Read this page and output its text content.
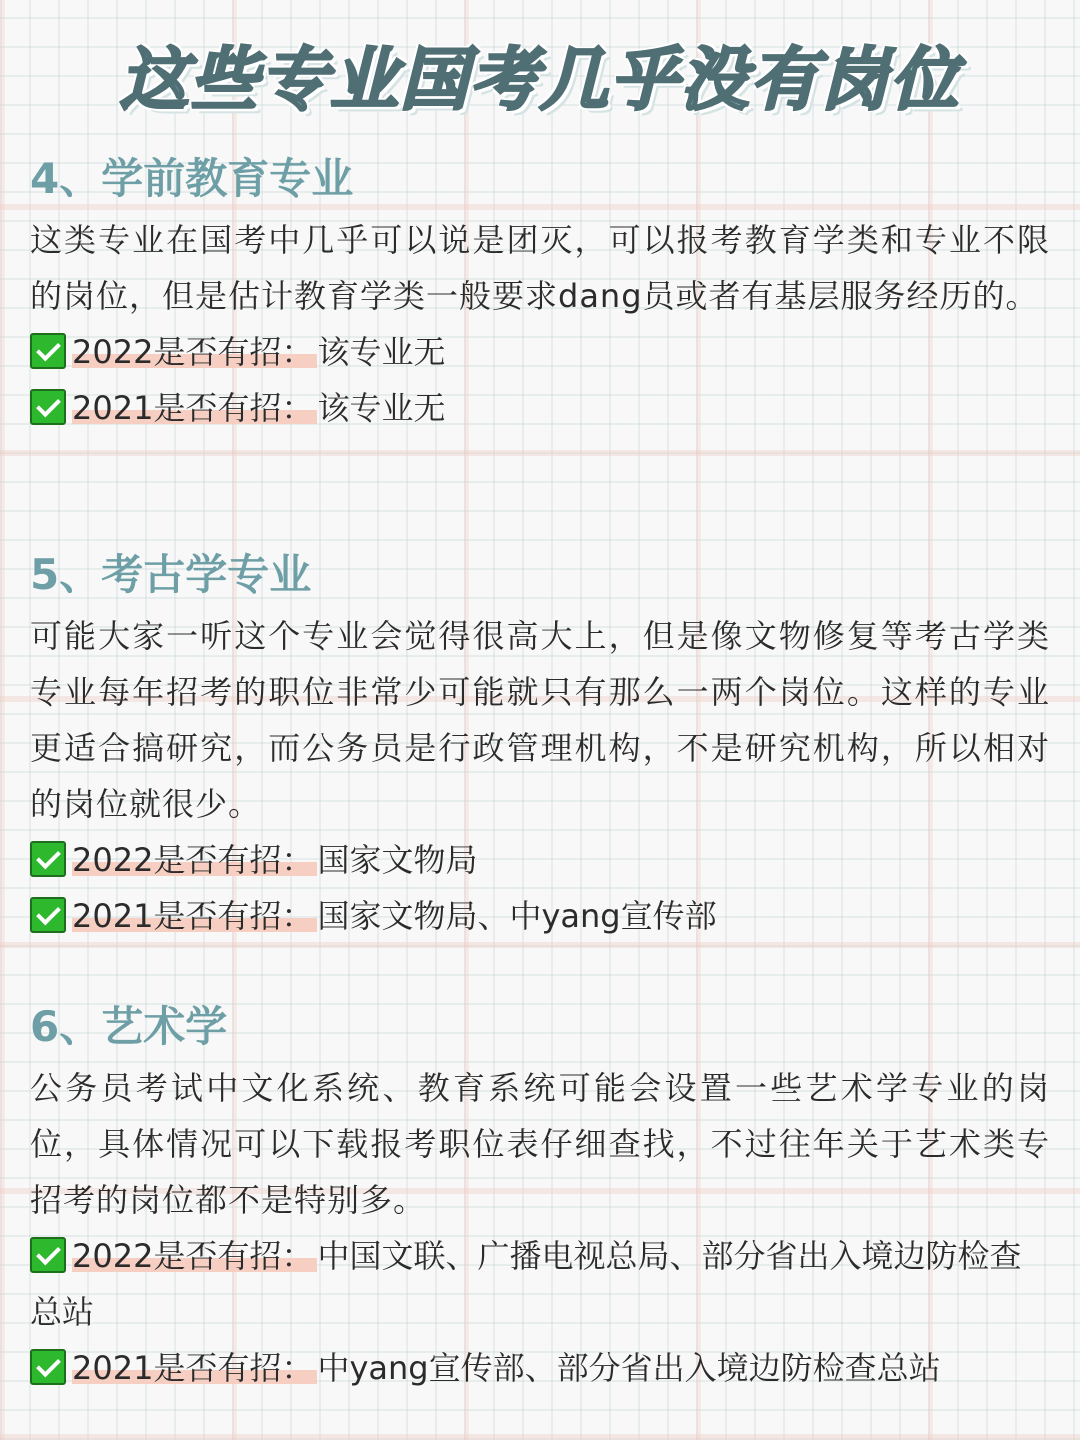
这些专业国考几乎没有岗位
4、学前教育专业

这类专业在国考中几乎可以说是团灭，可以报考教育学类和专业不限的岗位，但是估计教育学类一般要求dang员或者有基层服务经历的。

2022是否有招： 该专业无
2021是否有招： 该专业无
5、考古学专业

可能大家一听这个专业会觉得很高大上，但是像文物修复等考古学类专业每年招考的职位非常少可能就只有那么一两个岗位。这样的专业更适合搞研究，而公务员是行政管理机构，不是研究机构，所以相对的岗位就很少。

2022是否有招： 国家文物局
2021是否有招： 国家文物局、中yang宣传部
6、艺术学

公务员考试中文化系统、教育系统可能会设置一些艺术学专业的岗位，具体情况可以下载报考职位表仔细查找，不过往年关于艺术类专招考的岗位都不是特别多。

2022是否有招： 中国文联、广播电视总局、部分省出入境边防检查总站
2021是否有招： 中yang宣传部、部分省出入境边防检查总站
